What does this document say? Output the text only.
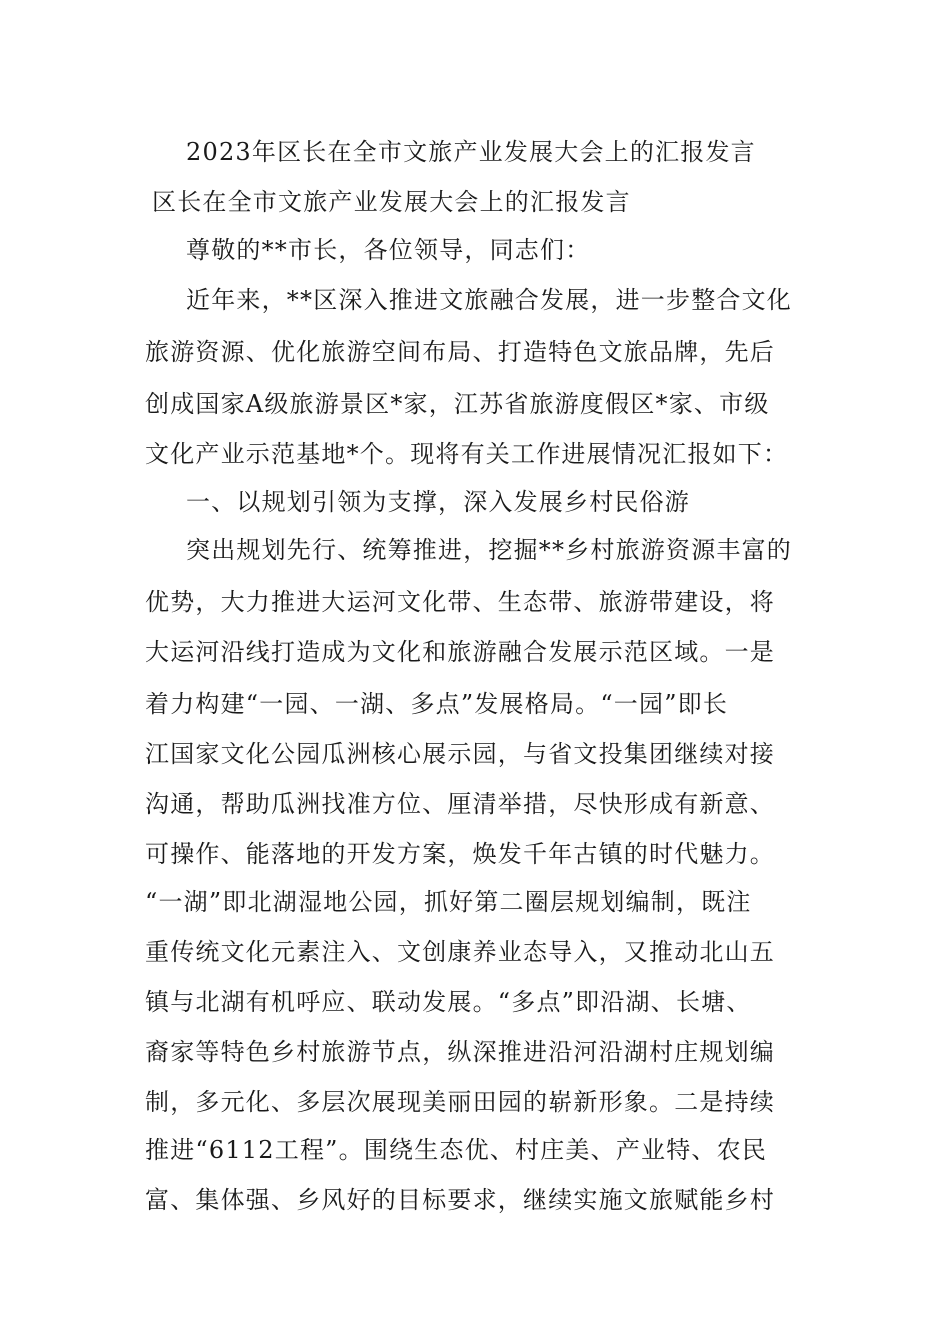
2023年区长在全市文旅产业发展大会上的汇报发言

区长在全市文旅产业发展大会上的汇报发言

尊敬的**市长，各位领导，同志们：

近年来，**区深入推进文旅融合发展，进一步整合文化

旅游资源、优化旅游空间布局、打造特色文旅品牌，先后

创成国家A级旅游景区*家，江苏省旅游度假区*家、市级

文化产业示范基地*个。现将有关工作进展情况汇报如下：

一、以规划引领为支撑，深入发展乡村民俗游

突出规划先行、统筹推进，挖掘**乡村旅游资源丰富的

优势，大力推进大运河文化带、生态带、旅游带建设，将

大运河沿线打造成为文化和旅游融合发展示范区域。一是

着力构建“一园、一湖、多点”发展格局。“一园”即长

江国家文化公园瓜洲核心展示园，与省文投集团继续对接

沟通，帮助瓜洲找准方位、厘清举措，尽快形成有新意、

可操作、能落地的开发方案，焕发千年古镇的时代魅力。

“一湖”即北湖湿地公园，抓好第二圈层规划编制，既注

重传统文化元素注入、文创康养业态导入，又推动北山五

镇与北湖有机呼应、联动发展。“多点”即沿湖、长塘、

裔家等特色乡村旅游节点，纵深推进沿河沿湖村庄规划编

制，多元化、多层次展现美丽田园的崭新形象。二是持续

推进“6112工程”。围绕生态优、村庄美、产业特、农民

富、集体强、乡风好的目标要求，继续实施文旅赋能乡村
